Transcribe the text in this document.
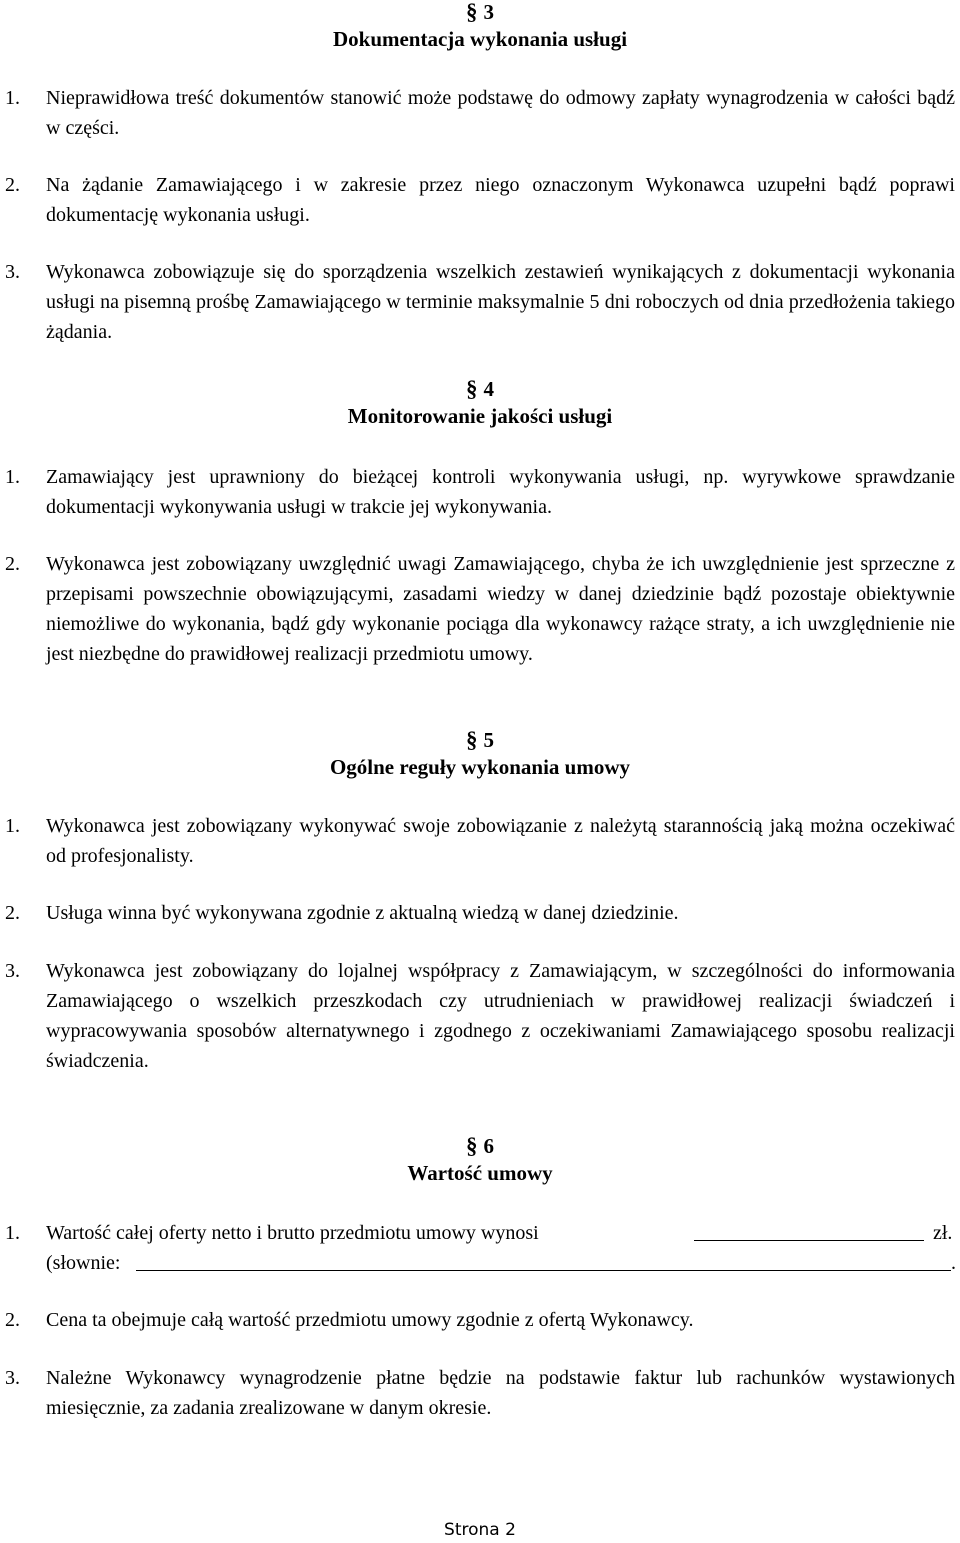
§ 3
Dokumentacja wykonania usługi
1.	Nieprawidłowa treść dokumentów stanowić może podstawę do odmowy zapłaty wynagrodzenia w całości bądź w części.
2.	Na żądanie Zamawiającego i w zakresie przez niego oznaczonym Wykonawca uzupełni bądź poprawi dokumentację wykonania usługi.
3.	Wykonawca zobowiązuje się do sporządzenia wszelkich zestawień wynikających z dokumentacji wykonania usługi na pisemną prośbę Zamawiającego w terminie maksymalnie 5 dni roboczych od dnia przedłożenia takiego żądania.
§ 4
Monitorowanie jakości usługi
1.	Zamawiający jest uprawniony do bieżącej kontroli wykonywania usługi, np. wyrywkowe sprawdzanie dokumentacji wykonywania usługi w trakcie jej wykonywania.
2.	Wykonawca jest zobowiązany uwzględnić uwagi Zamawiającego, chyba że ich uwzględnienie jest sprzeczne z przepisami powszechnie obowiązującymi, zasadami wiedzy w danej dziedzinie bądź pozostaje obiektywnie niemożliwe do wykonania, bądź gdy wykonanie pociąga dla wykonawcy rażące straty, a ich uwzględnienie nie jest niezbędne do prawidłowej realizacji przedmiotu umowy.
§ 5
Ogólne reguły wykonania umowy
1.	Wykonawca jest zobowiązany wykonywać swoje zobowiązanie z należytą starannością jaką można oczekiwać od profesjonalisty.
2.	Usługa winna być wykonywana zgodnie z aktualną wiedzą w danej dziedzinie.
3.	Wykonawca jest zobowiązany do lojalnej współpracy z Zamawiającym, w szczególności do informowania Zamawiającego o wszelkich przeszkodach czy utrudnieniach w prawidłowej realizacji świadczeń i wypracowywania sposobów alternatywnego i zgodnego z oczekiwaniami Zamawiającego sposobu realizacji świadczenia.
§ 6
Wartość umowy
1.	Wartość całej oferty netto i brutto przedmiotu umowy wynosi	zł.
(słownie:	.
2.	Cena ta obejmuje całą wartość przedmiotu umowy zgodnie z ofertą Wykonawcy.
3.	Należne Wykonawcy wynagrodzenie płatne będzie na podstawie faktur lub rachunków wystawionych miesięcznie, za zadania zrealizowane w danym okresie.
Strona 2
